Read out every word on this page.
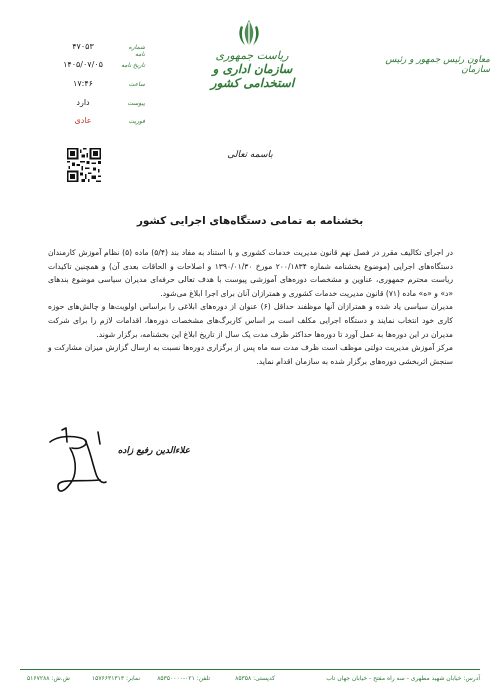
ریاست جمهوری
سازمان اداری و استخدامی کشور
معاون رئیس جمهور و رئیس سازمان
شماره نامه
۴۷۰۵۳
تاریخ نامه
۱۴۰۵/۰۷/۰۵
ساعت
۱۷:۴۶
پیوست
دارد
فوریت
عادی
باسمه تعالی
بخشنامه به تمامی دستگاه‌های اجرایی کشور

در اجرای تکالیف مقرر در فصل نهم قانون مدیریت خدمات کشوری و با استناد به مفاد بند (۵/۴) ماده (۵) نظام آموزش کارمندان دستگاه‌های اجرایی (موضوع بخشنامه شماره ۲۰۰/۱۸۳۴ مورخ ۱۳۹۰/۰۱/۳۰ و اصلاحات و الحاقات بعدی آن) و همچنین تاکیدات ریاست محترم جمهوری، عناوین و مشخصات دوره‌های آموزشی پیوست با هدف تعالی حرفه‌ای مدیران سیاسی موضوع بندهای «د» و «ه» ماده (۷۱) قانون مدیریت خدمات کشوری و همترازان آنان برای اجرا ابلاغ می‌شود.

مدیران سیاسی یاد شده و همترازان آنها موظفند حداقل (۶) عنوان از دوره‌های ابلاغی را براساس اولویت‌ها و چالش‌های حوزه کاری خود انتخاب نمایند و دستگاه اجرایی مکلف است بر اساس کاربرگ‌های مشخصات دوره‌ها، اقدامات لازم را برای شرکت مدیران در این دوره‌ها به عمل آورد تا دوره‌ها حداکثر ظرف مدت یک سال از تاریخ ابلاغ این بخشنامه، برگزار شوند.

مرکز آموزش مدیریت دولتی موظف است ظرف مدت سه ماه پس از برگزاری دوره‌ها نسبت به ارسال گزارش میزان مشارکت و سنجش اثربخشی دوره‌های برگزار شده به سازمان اقدام نماید.

علاءالدین رفیع زاده
آدرس: خیابان شهید مطهری - سه راه مفتح - خیابان جهان تاب
کدپستی: ۸۵۳۵۸
تلفن: ۰۲۱-۸۵۳۵۰۰۰۰
نمابر: ۱۵۷۶۶۳۱۳۱۳
ش.ش: ۵۱۶۷۲۸۸
